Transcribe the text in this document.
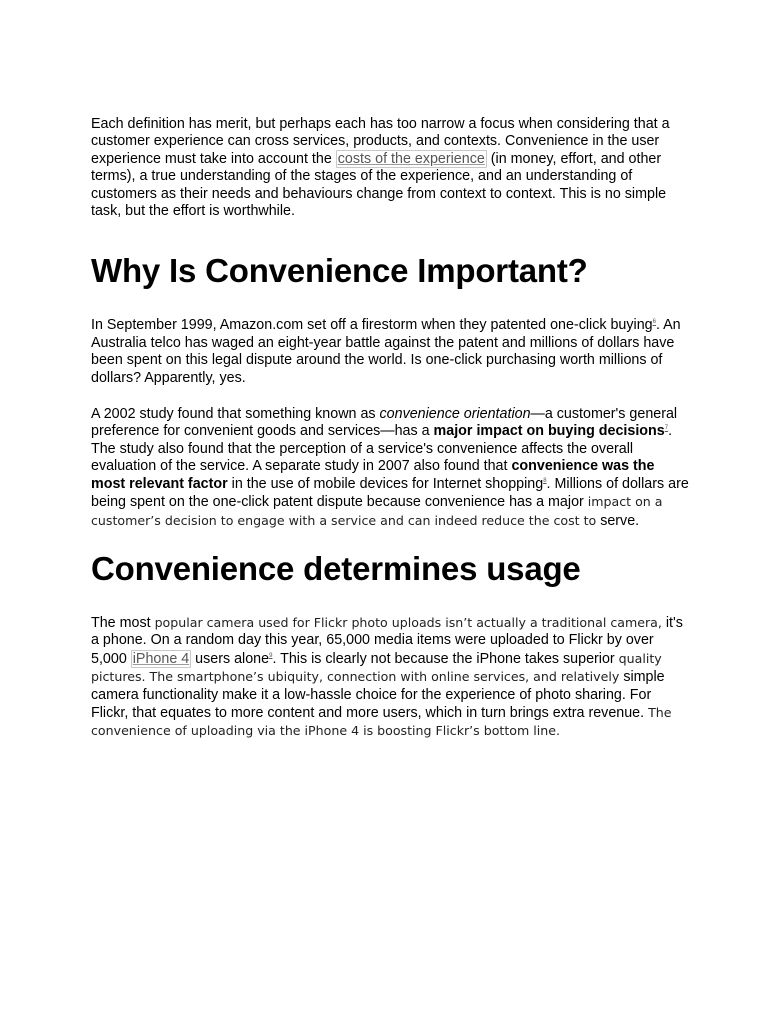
Each definition has merit, but perhaps each has too narrow a focus when considering that a customer experience can cross services, products, and contexts. Convenience in the user experience must take into account the costs of the experience (in money, effort, and other terms), a true understanding of the stages of the experience, and an understanding of customers as their needs and behaviours change from context to context. This is no simple task, but the effort is worthwhile.

Why Is Convenience Important?

In September 1999, Amazon.com set off a firestorm when they patented one-click buying$^6$. An Australia telco has waged an eight-year battle against the patent and millions of dollars have been spent on this legal dispute around the world. Is one-click purchasing worth millions of dollars? Apparently, yes.

A 2002 study found that something known as convenience orientation—a customer's general preference for convenient goods and services—has a major impact on buying decisions$^7$. The study also found that the perception of a service's convenience affects the overall evaluation of the service. A separate study in 2007 also found that convenience was the most relevant factor in the use of mobile devices for Internet shopping$^8$. Millions of dollars are being spent on the one-click patent dispute because convenience has a major impact on a customer’s decision to engage with a service and can indeed reduce the cost to serve.

Convenience determines usage

The most popular camera used for Flickr photo uploads isn’t actually a traditional camera, it's a phone. On a random day this year, 65,000 media items were uploaded to Flickr by over 5,000 iPhone 4 users alone$^9$. This is clearly not because the iPhone takes superior quality pictures. The smartphone’s ubiquity, connection with online services, and relatively simple camera functionality make it a low-hassle choice for the experience of photo sharing. For Flickr, that equates to more content and more users, which in turn brings extra revenue. The convenience of uploading via the iPhone 4 is boosting Flickr’s bottom line.
